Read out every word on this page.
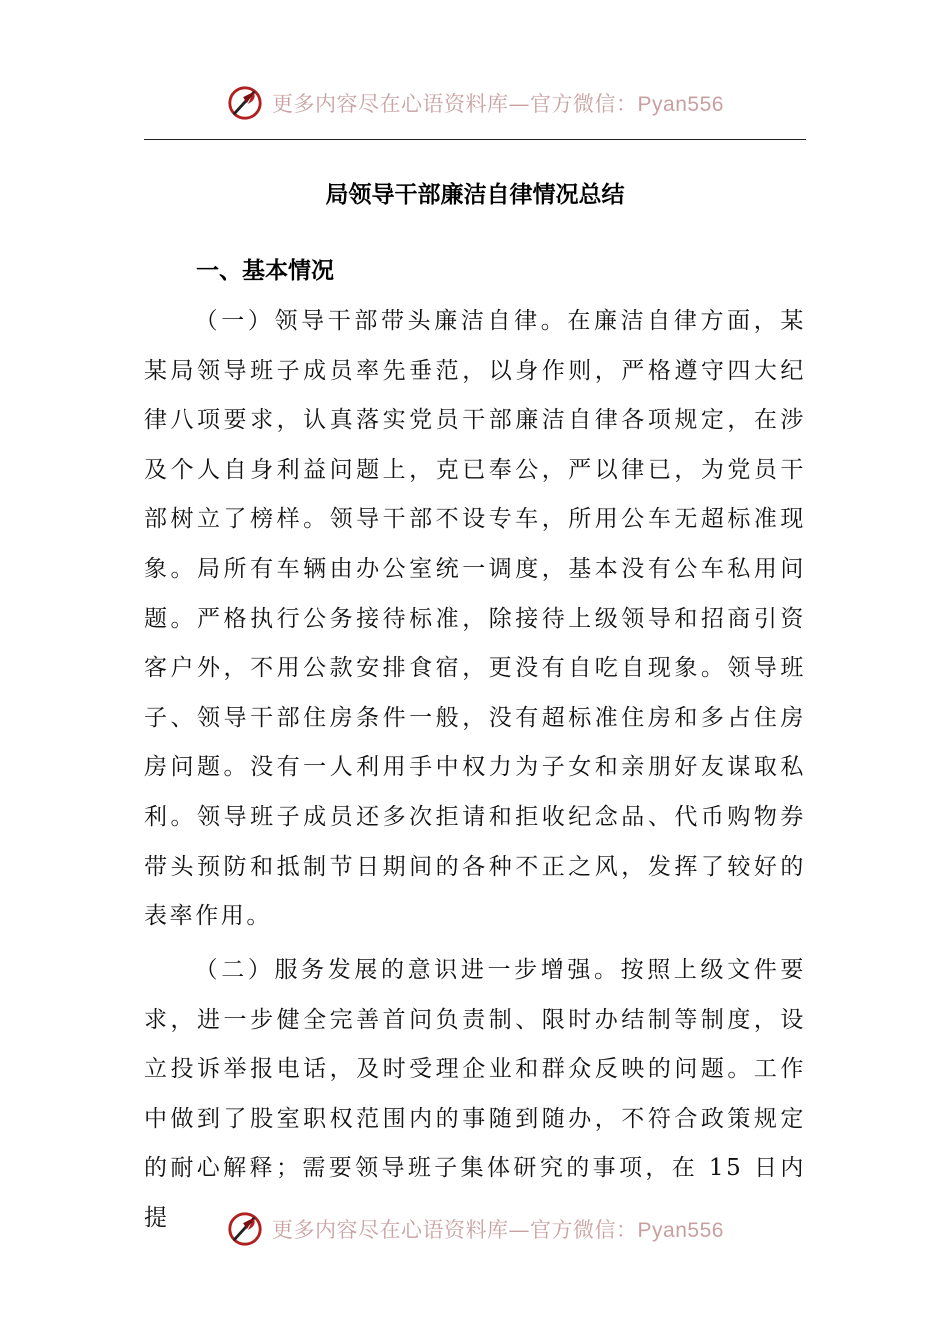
更多内容尽在心语资料库—官方微信：Pyan556
局领导干部廉洁自律情况总结
一、基本情况

（一）领导干部带头廉洁自律。在廉洁自律方面，某某局领导班子成员率先垂范，以身作则，严格遵守四大纪律八项要求，认真落实党员干部廉洁自律各项规定，在涉及个人自身利益问题上，克已奉公，严以律已，为党员干部树立了榜样。领导干部不设专车，所用公车无超标准现象。局所有车辆由办公室统一调度，基本没有公车私用问题。严格执行公务接待标准，除接待上级领导和招商引资客户外，不用公款安排食宿，更没有自吃自现象。领导班子、领导干部住房条件一般，没有超标准住房和多占住房房问题。没有一人利用手中权力为子女和亲朋好友谋取私利。领导班子成员还多次拒请和拒收纪念品、代币购物券带头预防和抵制节日期间的各种不正之风，发挥了较好的表率作用。

（二）服务发展的意识进一步增强。按照上级文件要求，进一步健全完善首问负责制、限时办结制等制度，设立投诉举报电话，及时受理企业和群众反映的问题。工作中做到了股室职权范围内的事随到随办，不符合政策规定的耐心解释；需要领导班子集体研究的事项，在 15 日内提	更多内容尽在心语资料库—官方微信：Pyan556
